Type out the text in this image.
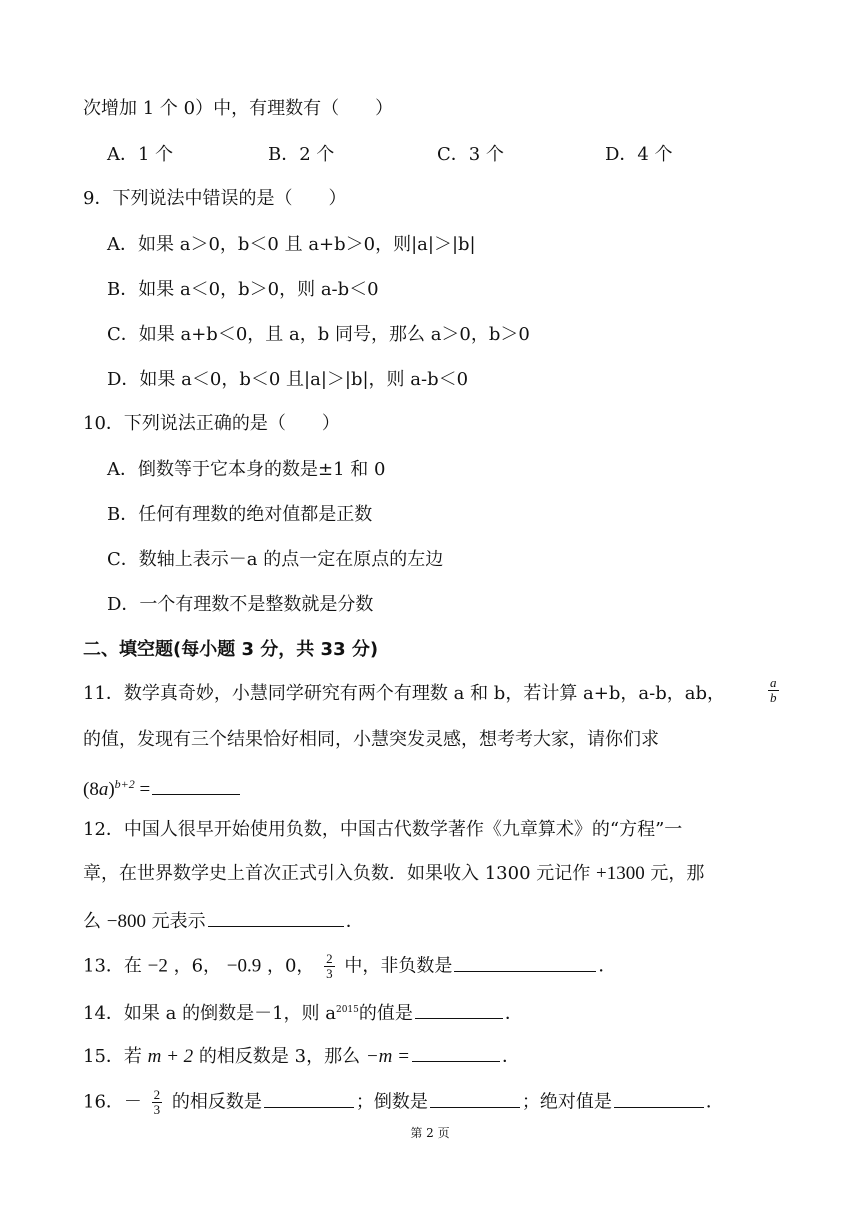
次增加 1 个 0）中，有理数有（　　）
A．1 个	B．2 个	C．3 个	D．4 个
9．下列说法中错误的是（　　）
A．如果 a＞0，b＜0 且 a+b＞0，则|a|＞|b|
B．如果 a＜0，b＞0，则 a-b＜0
C．如果 a+b＜0，且 a，b 同号，那么 a＞0，b＞0
D．如果 a＜0，b＜0 且|a|＞|b|，则 a-b＜0
10．下列说法正确的是（　　）
A．倒数等于它本身的数是±1 和 0
B．任何有理数的绝对值都是正数
C．数轴上表示－a 的点一定在原点的左边
D．一个有理数不是整数就是分数
二、填空题(每小题 3 分，共 33 分)
11．数学真奇妙，小慧同学研究有两个有理数 a 和 b，若计算 a+b，a-b，ab，	$\frac{a}{b}$
的值，发现有三个结果恰好相同，小慧突发灵感，想考考大家，请你们求
$(8a)^{b+2}$ =
12．中国人很早开始使用负数，中国古代数学著作《九章算术》的“方程”一
章，在世界数学史上首次正式引入负数．如果收入 1300 元记作 +1300 元，那
么 −800 元表示	．
13．在 −2 ，6， −0.9 ，0， $\frac{2}{3}$ 中，非负数是	．
14．如果 a 的倒数是－1，则 $a^{2015}$的值是	．
15．若 m + 2 的相反数是 3，那么 −m =	．
16．－ $\frac{2}{3}$ 的相反数是	；倒数是	；绝对值是	．
第 2 页
